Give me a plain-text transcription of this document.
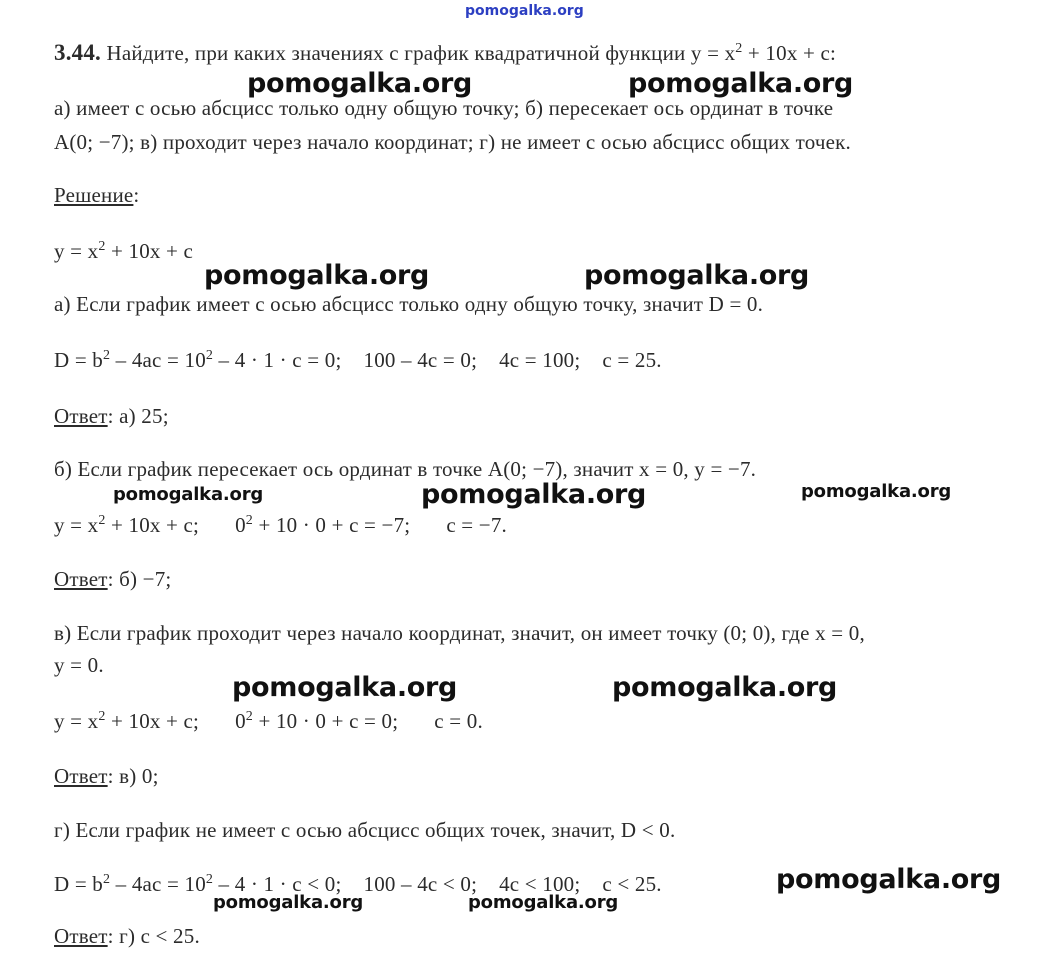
pomogalka.org
3.44. Найдите, при каких значениях с график квадратичной функции $y = x^2 + 10x + c$:
pomogalka.org	pomogalka.org
а) имеет с осью абсцисс только одну общую точку; б) пересекает ось ординат в точке
A(0; −7); в) проходит через начало координат; г) не имеет с осью абсцисс общих точек.
Решение:
$y = x^2 + 10x + c$
pomogalka.org	pomogalka.org
а) Если график имеет с осью абсцисс только одну общую точку, значит D = 0.
$D = b^2 - 4ac = 10^2 - 4 \cdot 1 \cdot c = 0$; 100 – 4c = 0; 4c = 100; c = 25.
Ответ: а) 25;
б) Если график пересекает ось ординат в точке A(0; −7), значит x = 0, y = −7.
pomogalka.org	pomogalka.org	pomogalka.org
$y = x^2 + 10x + c$; $0^2 + 10 \cdot 0 + c = -7$; c = −7.
Ответ: б) −7;
в) Если график проходит через начало координат, значит, он имеет точку (0; 0), где x = 0,
y = 0.
pomogalka.org	pomogalka.org
$y = x^2 + 10x + c$; $0^2 + 10 \cdot 0 + c = 0$; c = 0.
Ответ: в) 0;
г) Если график не имеет с осью абсцисс общих точек, значит, D < 0.
$D = b^2 - 4ac = 10^2 - 4 \cdot 1 \cdot c < 0$; 100 – 4c < 0; 4c < 100; c < 25.	pomogalka.org
pomogalka.org	pomogalka.org
Ответ: г) c < 25.
